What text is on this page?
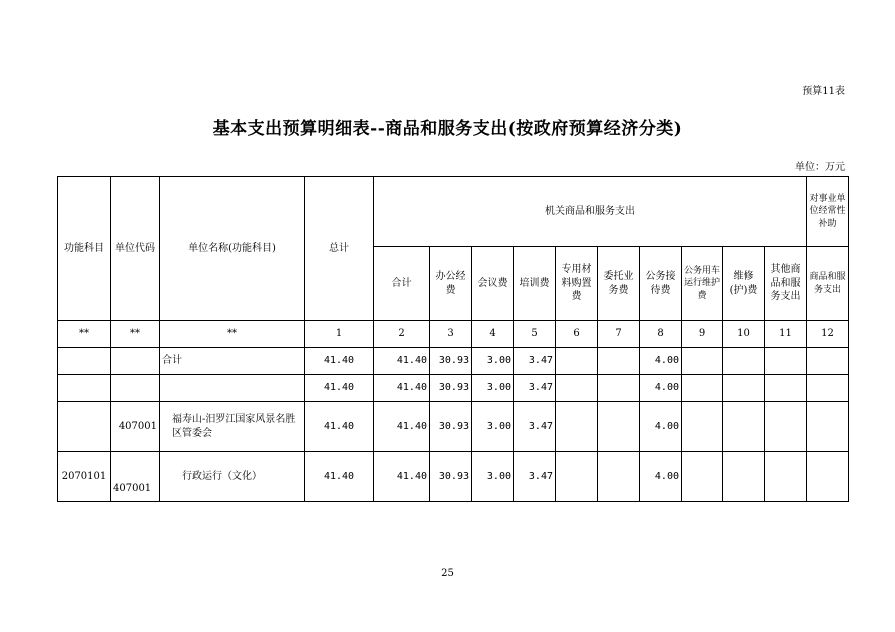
预算11表
基本支出预算明细表--商品和服务支出(按政府预算经济分类)
单位：万元
功能科目	单位代码	单位名称(功能科目)	总计	机关商品和服务支出										对事业单位经常性补助
				合计	办公经费	会议费	培训费	专用材料购置费	委托业务费	公务接待费	公务用车运行维护费	维修(护)费	其他商品和服务支出	商品和服务支出
**	**	**	1	2	3	4	5	6	7	8	9	10	11	12
		合计	41.40	41.40	30.93	3.00	3.47			4.00				
			41.40	41.40	30.93	3.00	3.47			4.00				
	407001	福寿山-汨罗江国家风景名胜区管委会	41.40	41.40	30.93	3.00	3.47			4.00				
2070101	407001	行政运行（文化）	41.40	41.40	30.93	3.00	3.47			4.00				
25
